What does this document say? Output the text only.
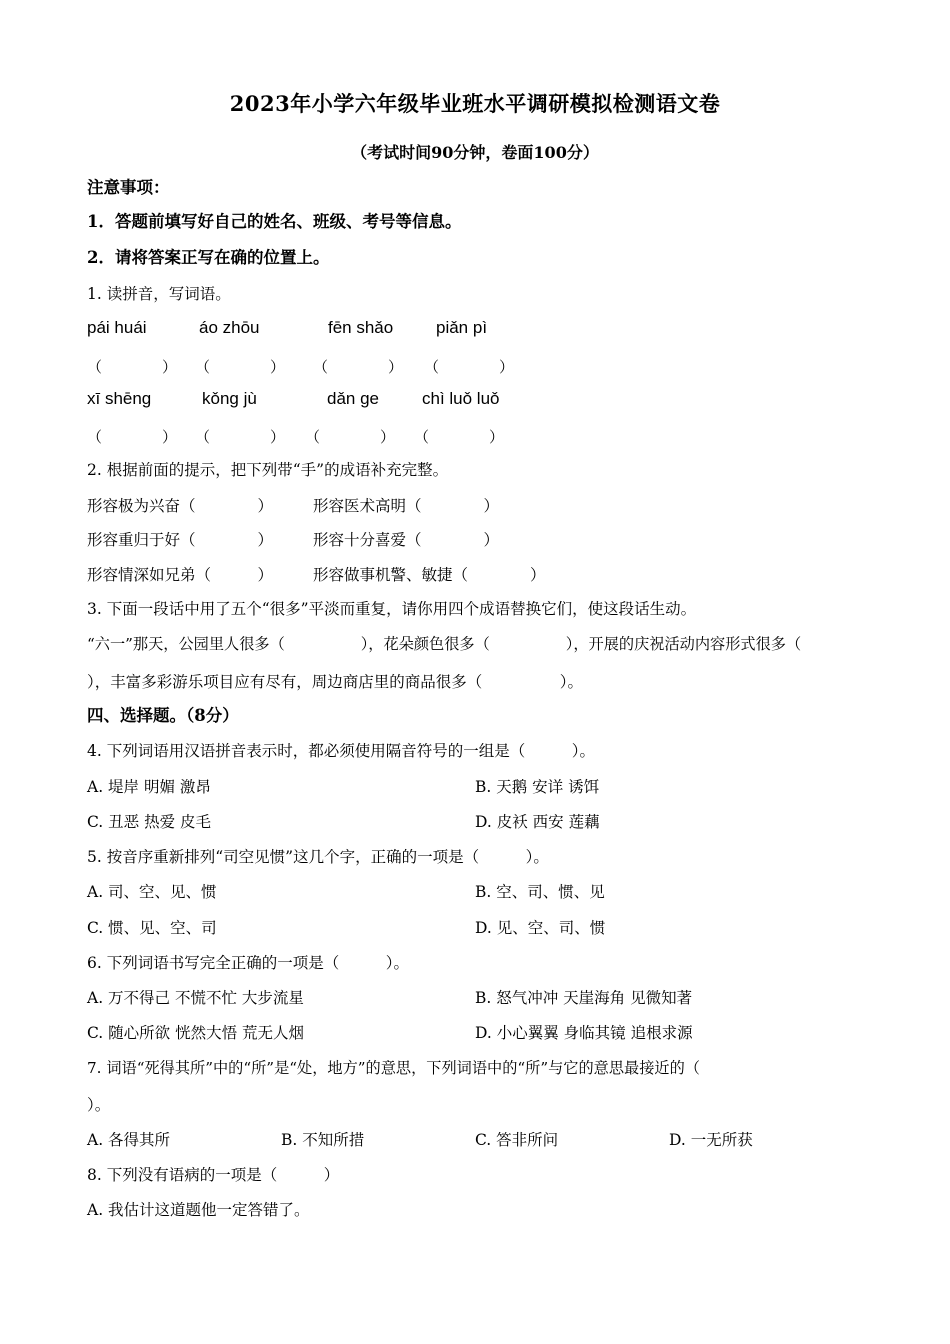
2023年小学六年级毕业班水平调研模拟检测语文卷
（考试时间90分钟，卷面100分）
注意事项：
1．答题前填写好自己的姓名、班级、考号等信息。
2．请将答案正写在确的位置上。
1. 读拼音，写词语。
pái huái	áo zhōu	fēn shǎo	piǎn pì
（　　　　） （　　　　） （　　　　） （　　　　）
xī shēng	kǒng jù	dǎn ge	chì luǒ luǒ
（　　　　） （　　　　） （　　　　） （　　　　）
2. 根据前面的提示，把下列带“手”的成语补充完整。
形容极为兴奋（　　　　）	形容医术高明（　　　　）
形容重归于好（　　　　）	形容十分喜爱（　　　　）
形容情深如兄弟（　　　）	形容做事机警、敏捷（　　　　）
3. 下面一段话中用了五个“很多”平淡而重复，请你用四个成语替换它们，使这段话生动。
“六一”那天，公园里人很多（　　　　　），花朵颜色很多（　　　　　），开展的庆祝活动内容形式很多（
），丰富多彩游乐项目应有尽有，周边商店里的商品很多（　　　　　）。
四、选择题。（8分）
4. 下列词语用汉语拼音表示时，都必须使用隔音符号的一组是（　　　）。
A. 堤岸 明媚 激昂	B. 天鹅 安详 诱饵
C. 丑恶 热爱 皮毛	D. 皮袄 西安 莲藕
5. 按音序重新排列“司空见惯”这几个字，正确的一项是（　　　）。
A. 司、空、见、惯	B. 空、司、惯、见
C. 惯、见、空、司	D. 见、空、司、惯
6. 下列词语书写完全正确的一项是（　　　）。
A. 万不得己 不慌不忙 大步流星	B. 怒气冲冲 天崖海角 见微知著
C. 随心所欲 恍然大悟 荒无人烟	D. 小心翼翼 身临其镜 追根求源
7. 词语“死得其所”中的“所”是“处，地方”的意思，下列词语中的“所”与它的意思最接近的（
）。
A. 各得其所	B. 不知所措	C. 答非所问	D. 一无所获
8. 下列没有语病的一项是（　　　）
A. 我估计这道题他一定答错了。
